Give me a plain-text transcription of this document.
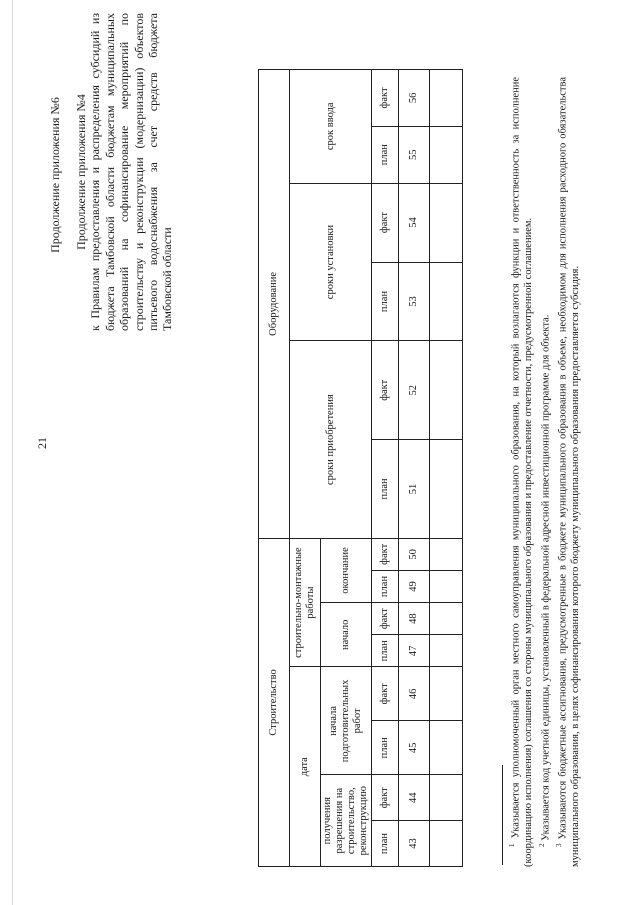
21
Продолжение приложения №6 Продолжение приложения №4 к Правилам предоставления и распределения субсидий из бюджета Тамбовской области бюджетам муниципальных образований на софинансирование мероприятий по строительству и реконструкции (модернизации) объектов питьевого водоснабжения за счет средств бюджета Тамбовской области
Строительство								Оборудование					
дата				строительно-монтажные работы				сроки приобретения		сроки установки		срок ввода	
				начало		окончание							
получения разрешения на строительство, реконструкцию		начала подготовительных работ											
план	факт	план	факт	план	факт	план	факт	план	факт	план	факт	план	факт
43	44	45	46	47	48	49	50	51	52	53	54	55	56

$^1$ Указывается уполномоченный орган местного самоуправления муниципального образования, на который возлагаются функции и ответственность за исполнение (координацию исполнения) соглашения со стороны муниципального образования и предоставление отчетности, предусмотренной соглашением. $^2$ Указывается код учетной единицы, установленный в федеральной адресной инвестиционной программе для объекта.

$^3$ Указываются бюджетные ассигнования, предусмотренные в бюджете муниципального образования в объеме, необходимом для исполнения расходного обязательства муниципального образования, в целях софинансирования которого бюджету муниципального образования предоставляется субсидия.
